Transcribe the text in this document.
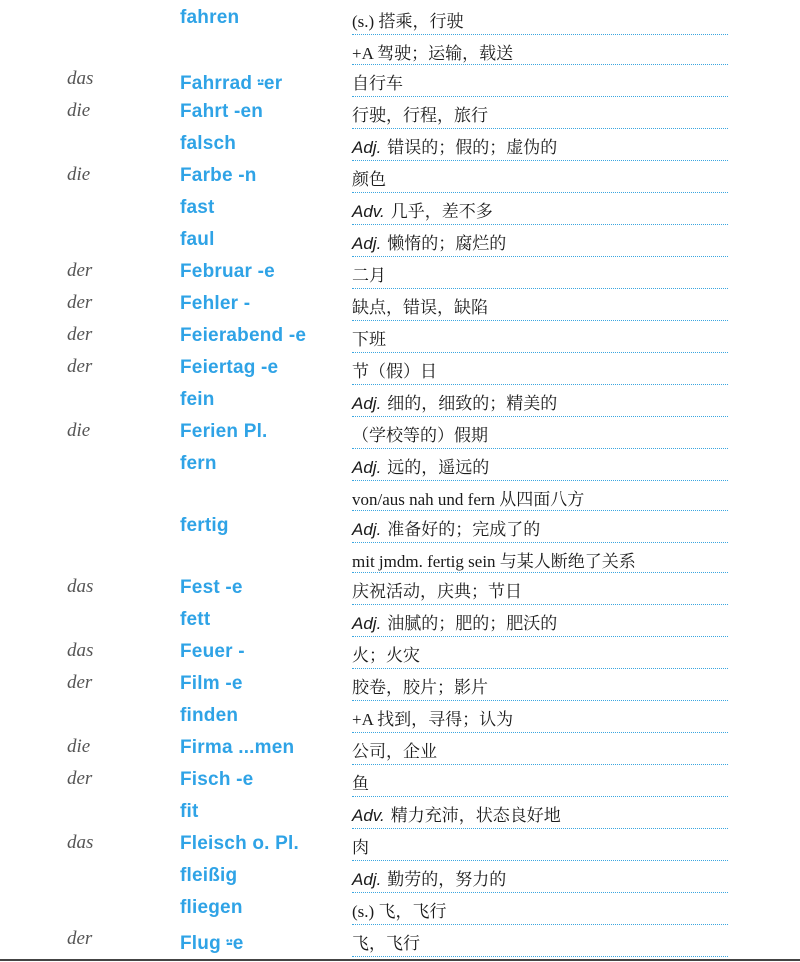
fahren	(s.) 搭乘，行驶
+A 驾驶；运输，载送
das	Fahrrad ⸚er	自行车
die	Fahrt -en	行驶，行程，旅行
falsch	Adj. 错误的；假的；虚伪的
die	Farbe -n	颜色
fast	Adv. 几乎，差不多
faul	Adj. 懒惰的；腐烂的
der	Februar -e	二月
der	Fehler -	缺点，错误，缺陷
der	Feierabend -e	下班
der	Feiertag -e	节（假）日
fein	Adj. 细的，细致的；精美的
die	Ferien Pl.	（学校等的）假期
fern	Adj. 远的，遥远的
von/aus nah und fern 从四面八方
fertig	Adj. 准备好的；完成了的
mit jmdm. fertig sein 与某人断绝了关系
das	Fest -e	庆祝活动，庆典；节日
fett	Adj. 油腻的；肥的；肥沃的
das	Feuer -	火；火灾
der	Film -e	胶卷，胶片；影片
finden	+A 找到，寻得；认为
die	Firma ...men	公司，企业
der	Fisch -e	鱼
fit	Adv. 精力充沛，状态良好地
das	Fleisch o. Pl.	肉
fleißig	Adj. 勤劳的，努力的
fliegen	(s.) 飞，飞行
der	Flug ⸚e	飞，飞行
